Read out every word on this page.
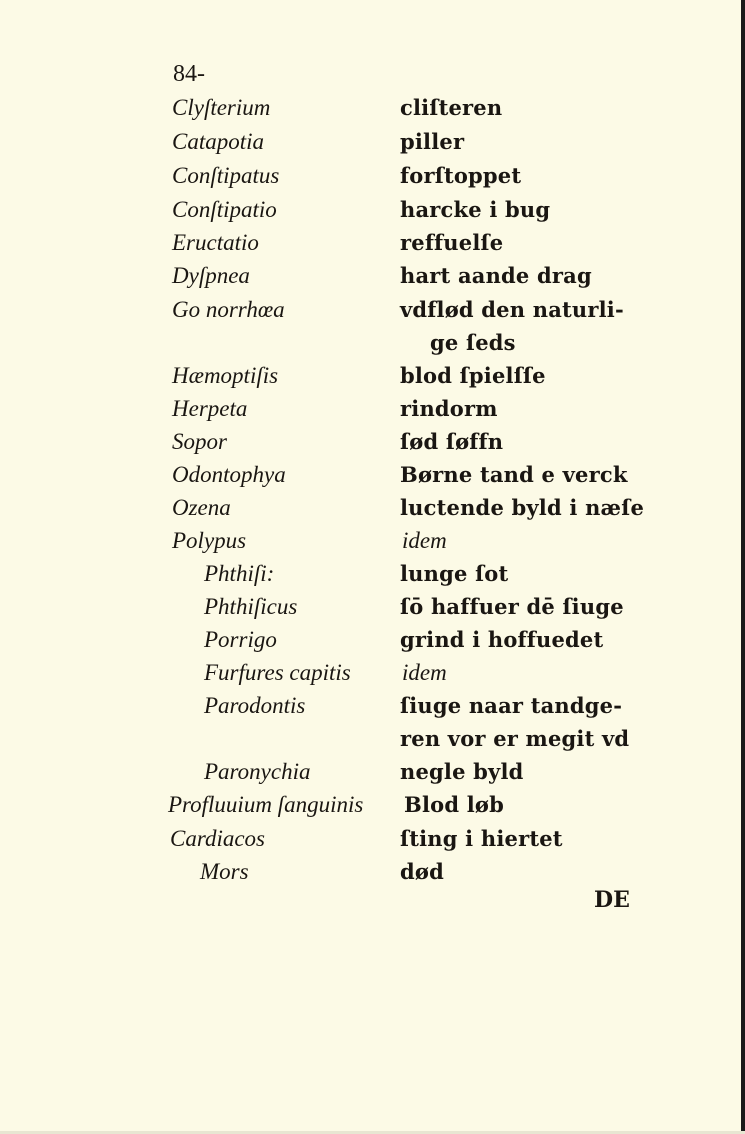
84-
Clyſterium	cliſteren
Catapotia	piller
Conſtipatus	forſtoppet
Conſtipatio	harcke i bug
Eructatio	reffuelſe
Dyſpnea	hart aande drag
Go norrhœa	vdflød den naturli-
ge ſeds
Hæmoptiſis	blod ſpielſſe
Herpeta	rindorm
Sopor	ſød ſøffn
Odontophya	Børne tand e verck
Ozena	luctende byld i næſe
Polypus	idem
Phthiſi:	lunge ſot
Phthiſicus	ſō haffuer dē ſiuge
Porrigo	grind i hoffuedet
Furfures capitis idem
Parodontis	ſiuge naar tandge-
ren vor er megit vd
Paronychia	negle byld
Profluuium ſanguinis Blod løb
Cardiacos	ſting i hiertet
Mors	død
DE
